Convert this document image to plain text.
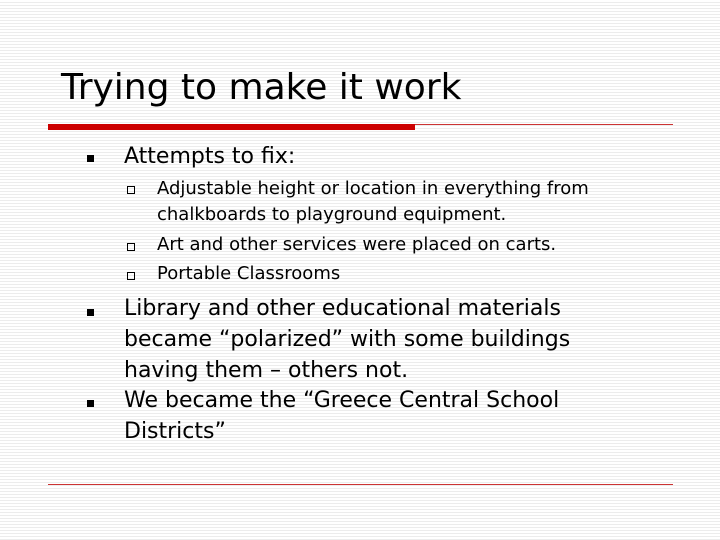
Trying to make it work
Attempts to fix:
Adjustable height or location in everything from
chalkboards to playground equipment.
Art and other services were placed on carts.
Portable Classrooms
Library and other educational materials
became “polarized” with some buildings
having them – others not.
We became the “Greece Central School
Districts”
